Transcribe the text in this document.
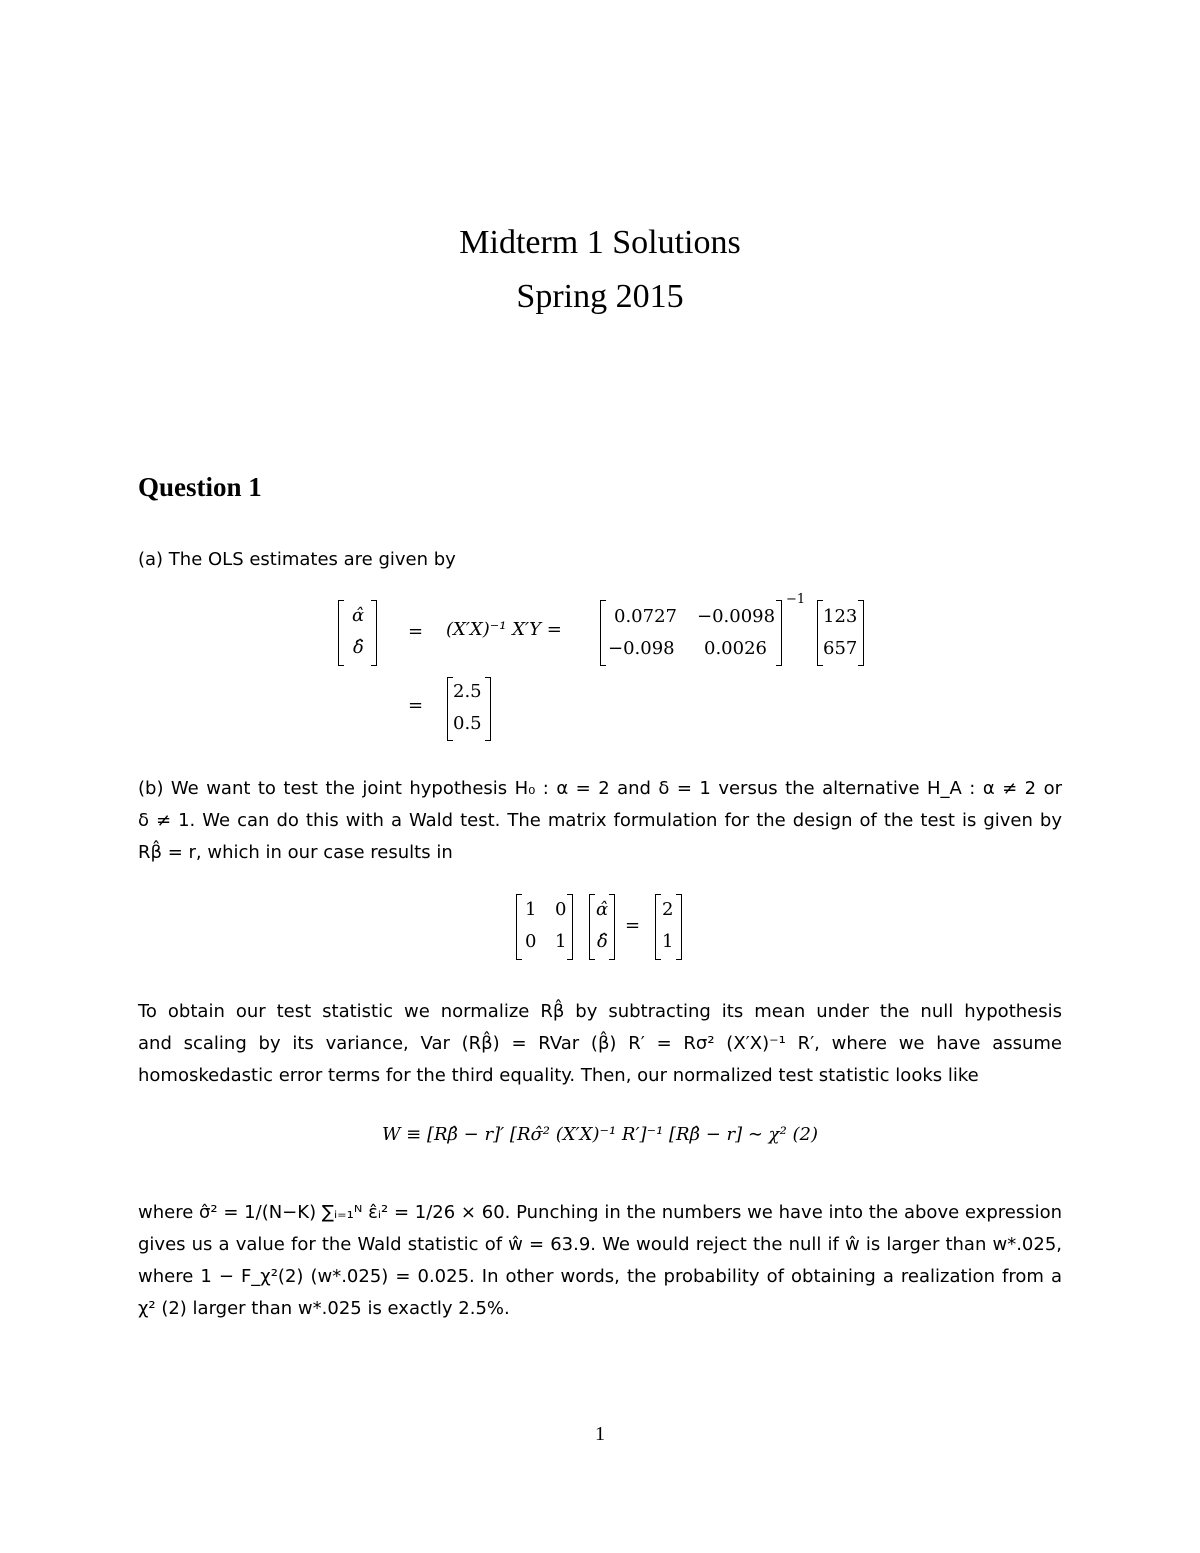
Midterm 1 Solutions
Spring 2015
Question 1
(a) The OLS estimates are given by
α̂
δ̂
= (X′X)⁻¹ X′Y =
0.0727 −0.0098
−0.098 0.0026
−1
123
657
=
2.5
0.5
(b) We want to test the joint hypothesis H₀ : α = 2 and δ = 1 versus the alternative H_A : α ≠ 2 or
δ ≠ 1. We can do this with a Wald test. The matrix formulation for the design of the test is given by
Rβ̂ = r, which in our case results in
1 0
0 1
α̂
δ̂
=
2
1
To obtain our test statistic we normalize Rβ̂ by subtracting its mean under the null hypothesis
and scaling by its variance, Var (Rβ̂) = RVar (β̂) R′ = Rσ² (X′X)⁻¹ R′, where we have assume
homoskedastic error terms for the third equality. Then, our normalized test statistic looks like
W ≡ [Rβ̂ − r]′ [Rσ̂² (X′X)⁻¹ R′]⁻¹ [Rβ̂ − r] ∼ χ² (2)
where σ̂² = 1/(N−K) ∑ᵢ₌₁ᴺ ε̂ᵢ² = 1/26 × 60. Punching in the numbers we have into the above expression
gives us a value for the Wald statistic of ŵ = 63.9. We would reject the null if ŵ is larger than w*.025,
where 1 − F_χ²(2) (w*.025) = 0.025. In other words, the probability of obtaining a realization from a
χ² (2) larger than w*.025 is exactly 2.5%.
1
